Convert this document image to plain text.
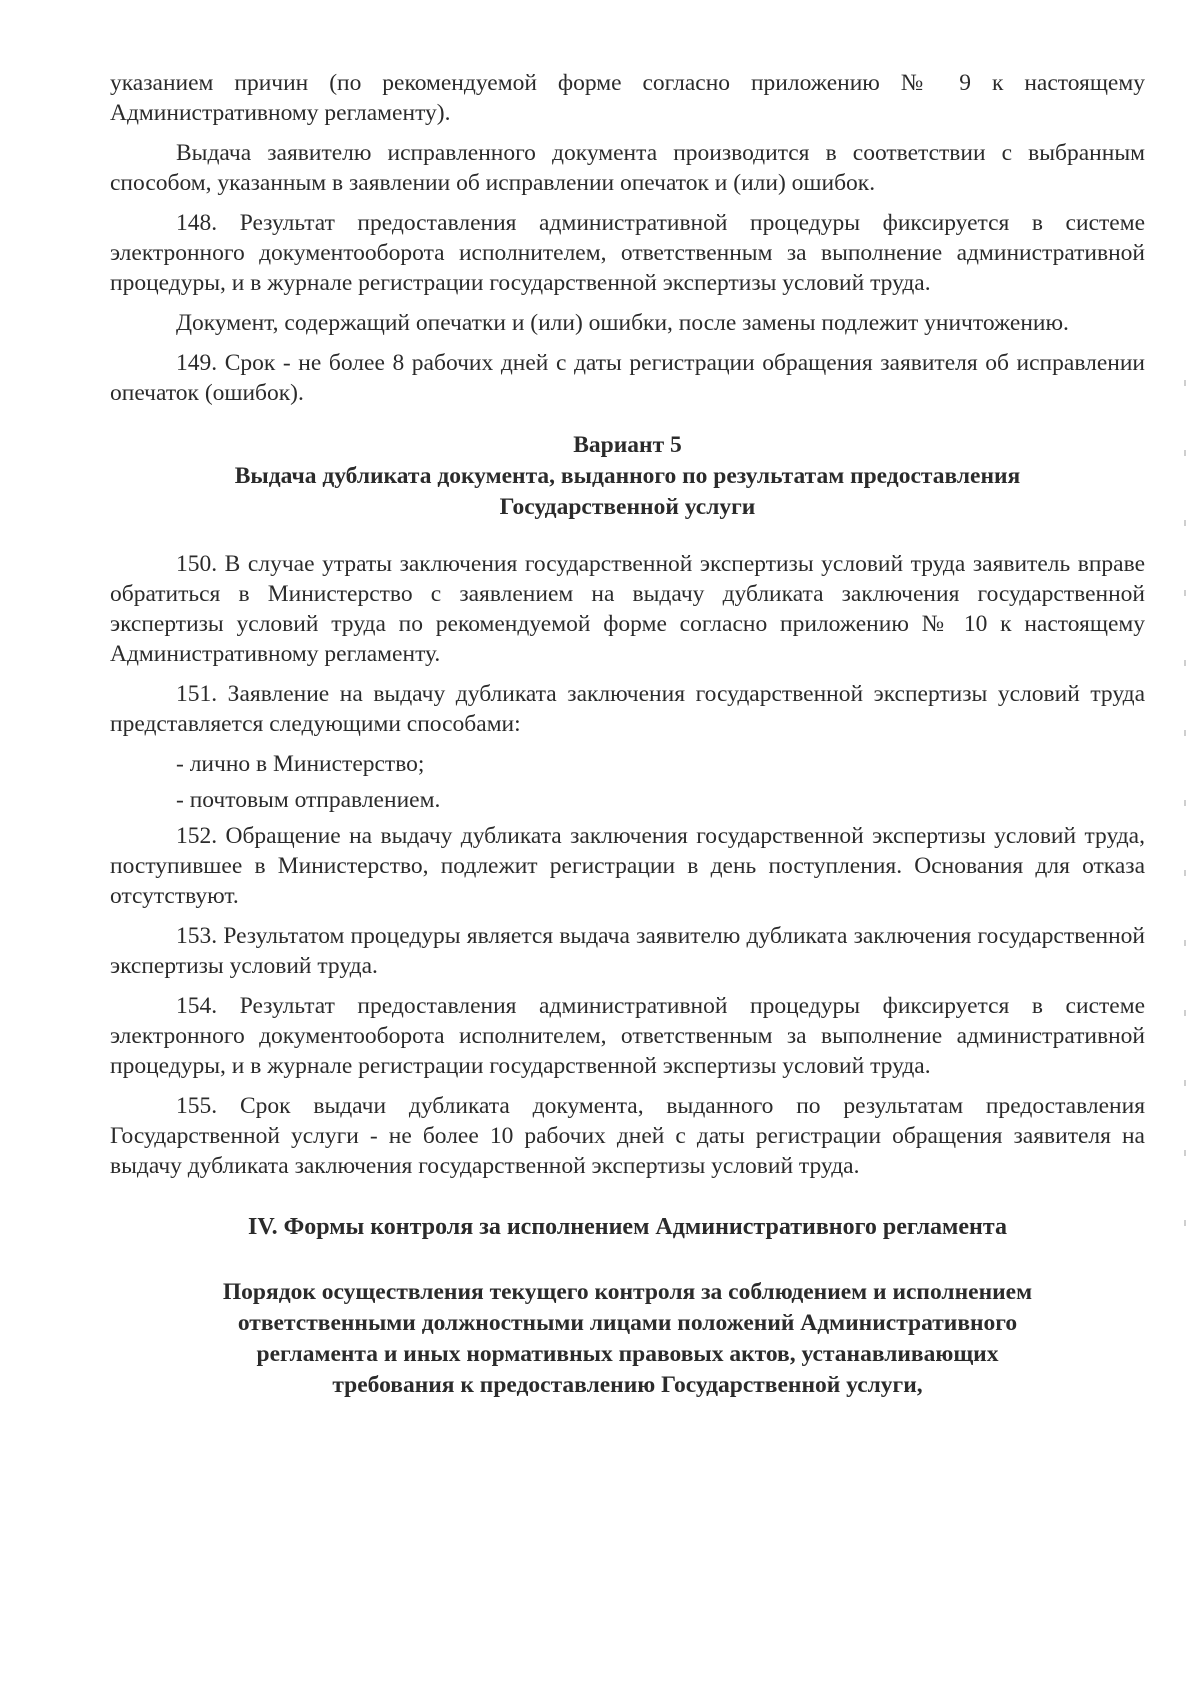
указанием причин (по рекомендуемой форме согласно приложению № 9 к настоящему Административному регламенту).

Выдача заявителю исправленного документа производится в соответствии с выбранным способом, указанным в заявлении об исправлении опечаток и (или) ошибок.

148. Результат предоставления административной процедуры фиксируется в системе электронного документооборота исполнителем, ответственным за выполнение административной процедуры, и в журнале регистрации государственной экспертизы условий труда.

Документ, содержащий опечатки и (или) ошибки, после замены подлежит уничтожению.

149. Срок - не более 8 рабочих дней с даты регистрации обращения заявителя об исправлении опечаток (ошибок).

Вариант 5

Выдача дубликата документа, выданного по результатам предоставления

Государственной услуги

150. В случае утраты заключения государственной экспертизы условий труда заявитель вправе обратиться в Министерство с заявлением на выдачу дубликата заключения государственной экспертизы условий труда по рекомендуемой форме согласно приложению № 10 к настоящему Административному регламенту.

151. Заявление на выдачу дубликата заключения государственной экспертизы условий труда представляется следующими способами:

- лично в Министерство;

- почтовым отправлением.

152. Обращение на выдачу дубликата заключения государственной экспертизы условий труда, поступившее в Министерство, подлежит регистрации в день поступления. Основания для отказа отсутствуют.

153. Результатом процедуры является выдача заявителю дубликата заключения государственной экспертизы условий труда.

154. Результат предоставления административной процедуры фиксируется в системе электронного документооборота исполнителем, ответственным за выполнение административной процедуры, и в журнале регистрации государственной экспертизы условий труда.

155. Срок выдачи дубликата документа, выданного по результатам предоставления Государственной услуги - не более 10 рабочих дней с даты регистрации обращения заявителя на выдачу дубликата заключения государственной экспертизы условий труда.

IV. Формы контроля за исполнением Административного регламента

Порядок осуществления текущего контроля за соблюдением и исполнением

ответственными должностными лицами положений Административного

регламента и иных нормативных правовых актов, устанавливающих

требования к предоставлению Государственной услуги,
